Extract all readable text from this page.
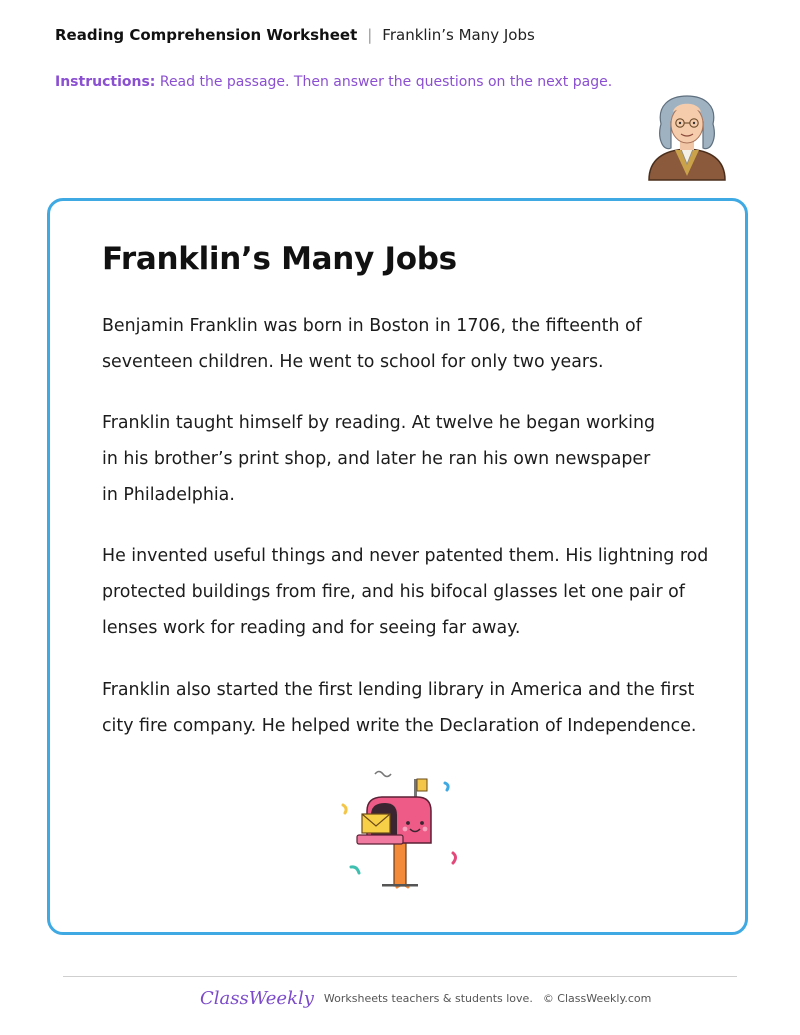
Reading Comprehension Worksheet | Franklin’s Many Jobs
Instructions: Read the passage. Then answer the questions on the next page.
Franklin’s Many Jobs

Benjamin Franklin was born in Boston in 1706, the fifteenth of
seventeen children. He went to school for only two years.

Franklin taught himself by reading. At twelve he began working
in his brother’s print shop, and later he ran his own newspaper
in Philadelphia.

He invented useful things and never patented them. His lightning rod
protected buildings from fire, and his bifocal glasses let one pair of
lenses work for reading and for seeing far away.

Franklin also started the first lending library in America and the first
city fire company. He helped write the Declaration of Independence.

ClassWeekly Worksheets teachers & students love. © ClassWeekly.com
